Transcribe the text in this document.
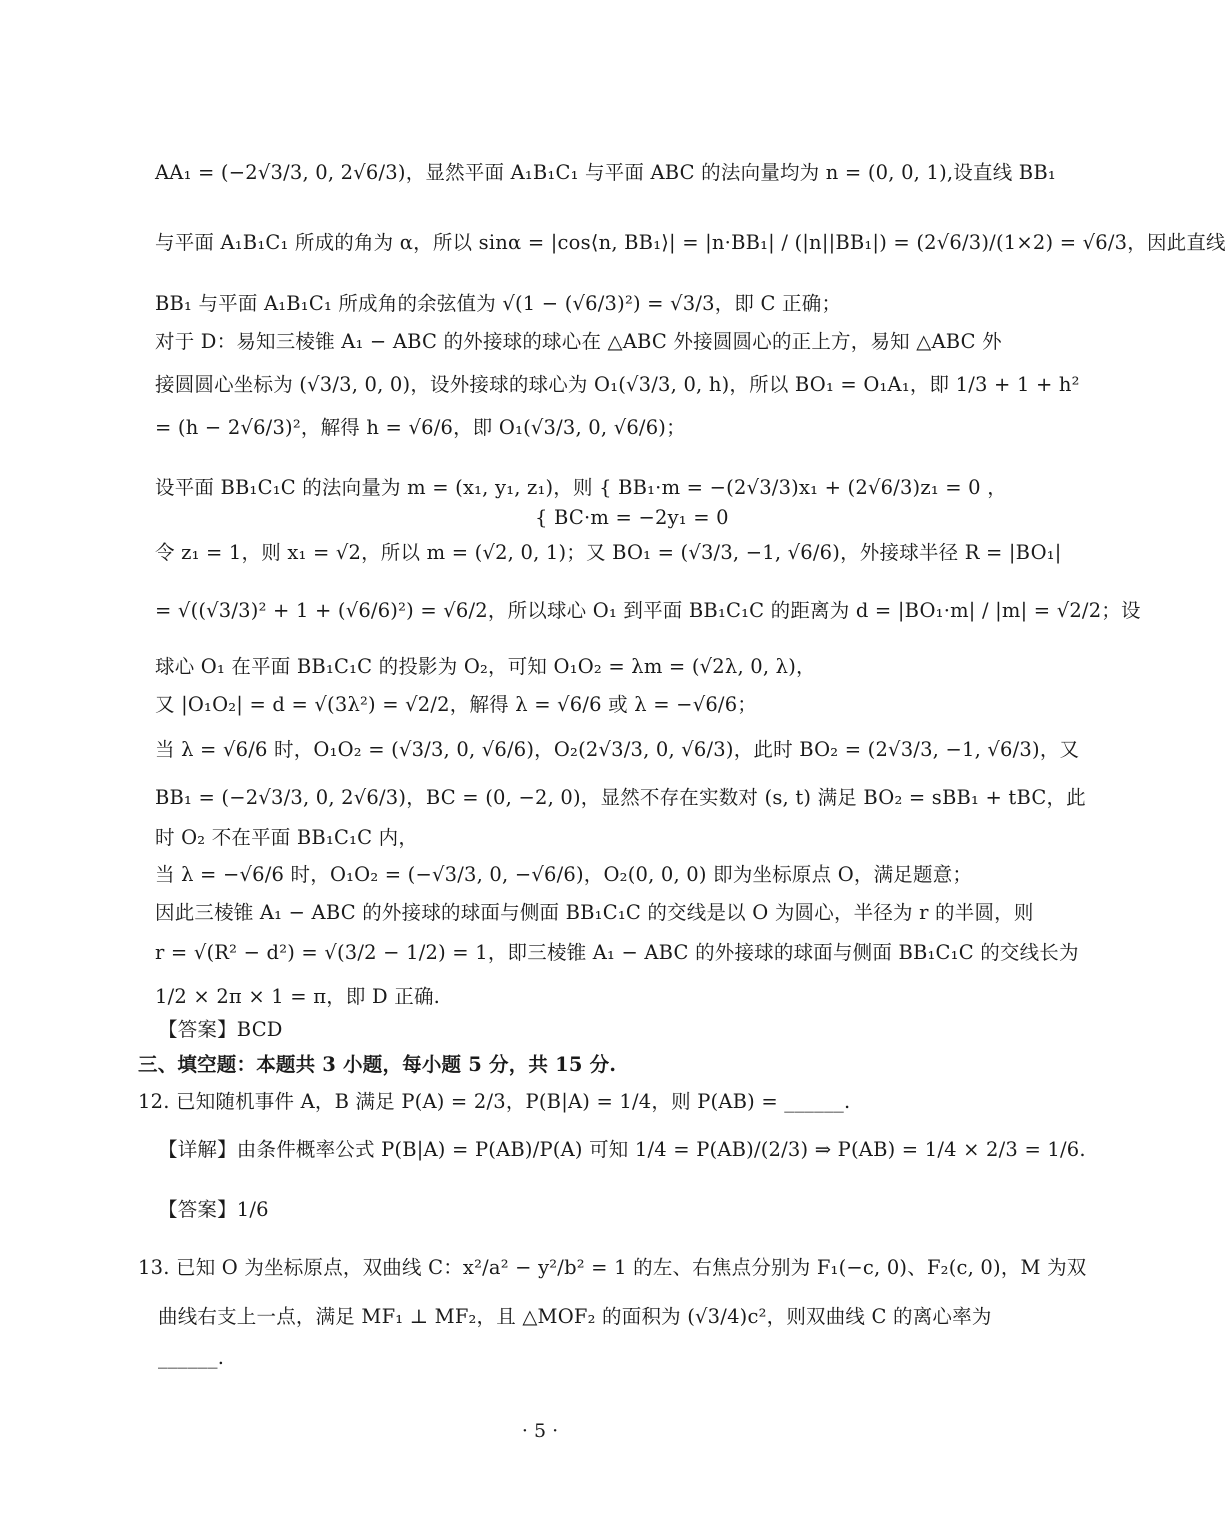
AA₁ = (−2√3/3, 0, 2√6/3)，显然平面 A₁B₁C₁ 与平面 ABC 的法向量均为 n = (0, 0, 1),设直线 BB₁
与平面 A₁B₁C₁ 所成的角为 α，所以 sinα = |cos⟨n, BB₁⟩| = |n·BB₁| / (|n||BB₁|) = (2√6/3)/(1×2) = √6/3，因此直线
BB₁ 与平面 A₁B₁C₁ 所成角的余弦值为 √(1 − (√6/3)²) = √3/3，即 C 正确；
对于 D：易知三棱锥 A₁ − ABC 的外接球的球心在 △ABC 外接圆圆心的正上方，易知 △ABC 外
接圆圆心坐标为 (√3/3, 0, 0)，设外接球的球心为 O₁(√3/3, 0, h)，所以 BO₁ = O₁A₁，即 1/3 + 1 + h²
= (h − 2√6/3)²，解得 h = √6/6，即 O₁(√3/3, 0, √6/6)；
设平面 BB₁C₁C 的法向量为 m = (x₁, y₁, z₁)，则 { BB₁·m = −(2√3/3)x₁ + (2√6/3)z₁ = 0 ，
{ BC·m = −2y₁ = 0
令 z₁ = 1，则 x₁ = √2，所以 m = (√2, 0, 1)；又 BO₁ = (√3/3, −1, √6/6)，外接球半径 R = |BO₁|
= √((√3/3)² + 1 + (√6/6)²) = √6/2，所以球心 O₁ 到平面 BB₁C₁C 的距离为 d = |BO₁·m| / |m| = √2/2；设
球心 O₁ 在平面 BB₁C₁C 的投影为 O₂，可知 O₁O₂ = λm = (√2λ, 0, λ)，
又 |O₁O₂| = d = √(3λ²) = √2/2，解得 λ = √6/6 或 λ = −√6/6；
当 λ = √6/6 时，O₁O₂ = (√3/3, 0, √6/6)，O₂(2√3/3, 0, √6/3)，此时 BO₂ = (2√3/3, −1, √6/3)，又
BB₁ = (−2√3/3, 0, 2√6/3)，BC = (0, −2, 0)，显然不存在实数对 (s, t) 满足 BO₂ = sBB₁ + tBC，此
时 O₂ 不在平面 BB₁C₁C 内，
当 λ = −√6/6 时，O₁O₂ = (−√3/3, 0, −√6/6)，O₂(0, 0, 0) 即为坐标原点 O，满足题意；
因此三棱锥 A₁ − ABC 的外接球的球面与侧面 BB₁C₁C 的交线是以 O 为圆心，半径为 r 的半圆，则
r = √(R² − d²) = √(3/2 − 1/2) = 1，即三棱锥 A₁ − ABC 的外接球的球面与侧面 BB₁C₁C 的交线长为
1/2 × 2π × 1 = π，即 D 正确.
【答案】BCD
三、填空题：本题共 3 小题，每小题 5 分，共 15 分.
12. 已知随机事件 A，B 满足 P(A) = 2/3，P(B|A) = 1/4，则 P(AB) = ______.
【详解】由条件概率公式 P(B|A) = P(AB)/P(A) 可知 1/4 = P(AB)/(2/3) ⇒ P(AB) = 1/4 × 2/3 = 1/6.
【答案】1/6
13. 已知 O 为坐标原点，双曲线 C：x²/a² − y²/b² = 1 的左、右焦点分别为 F₁(−c, 0)、F₂(c, 0)，M 为双
曲线右支上一点，满足 MF₁ ⊥ MF₂，且 △MOF₂ 的面积为 (√3/4)c²，则双曲线 C 的离心率为
______.
· 5 ·
